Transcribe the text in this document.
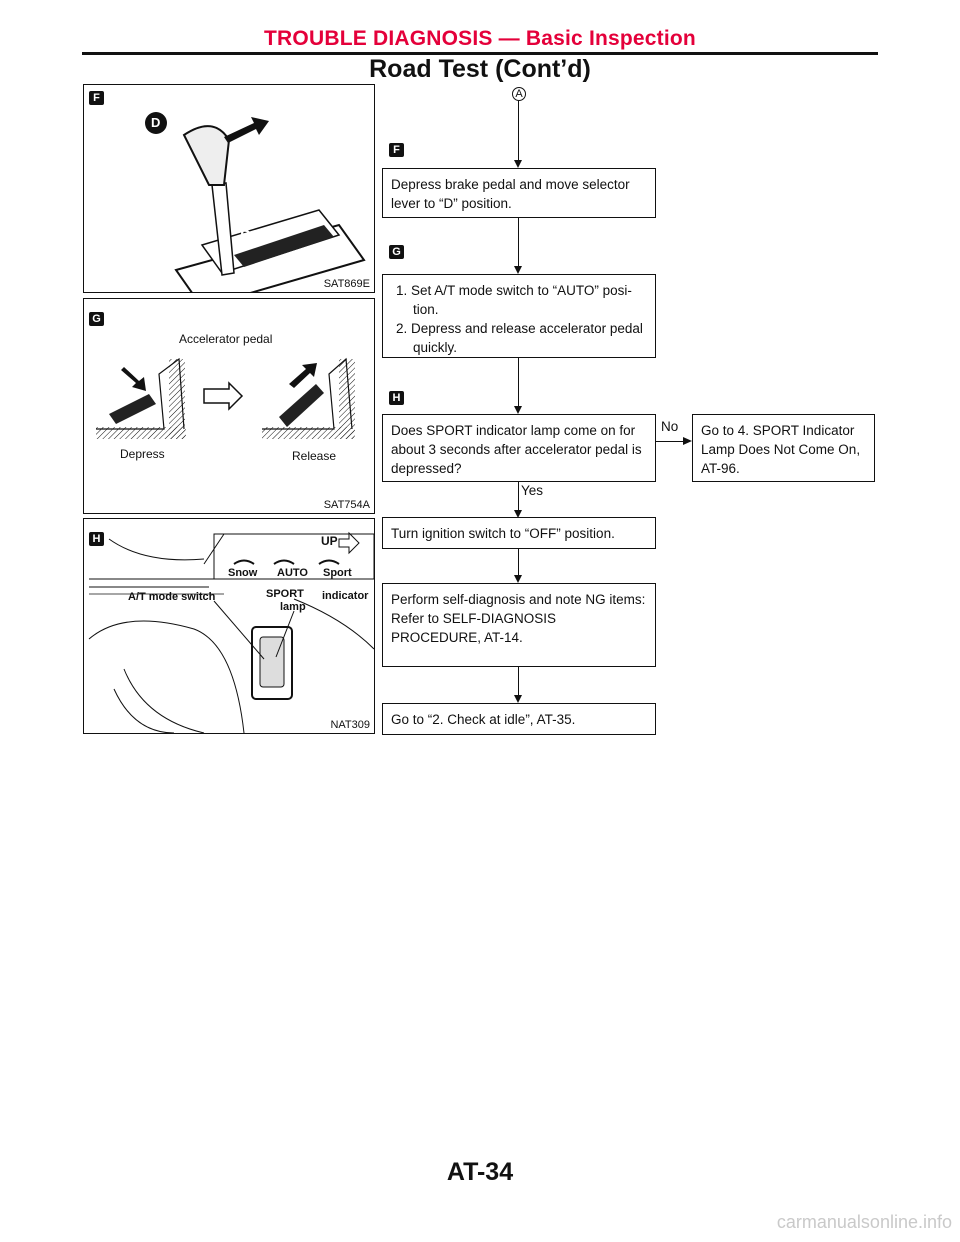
TROUBLE DIAGNOSIS — Basic Inspection
Road Test (Cont’d)
F
D
D
SAT869E
G
Accelerator pedal
Depress	Release
SAT754A
H	UP
Snow AUTO Sport
A/T mode switch	SPORT
lamp
indicator
NAT309
A
F
Depress brake pedal and move selector lever to “D” position.
G
1. Set A/T mode switch to “AUTO” posi-tion.
2. Depress and release accelerator pedal quickly.
H
Does SPORT indicator lamp come on for about 3 seconds after accelerator pedal is depressed?
No Go to 4. SPORT Indicator Lamp Does Not Come On, AT-96.
Yes
Turn ignition switch to “OFF” position.
Perform self-diagnosis and note NG items:
Refer to SELF-DIAGNOSIS PROCEDURE, AT-14.
Go to “2. Check at idle”, AT-35.
AT-34
carmanualsonline.info
